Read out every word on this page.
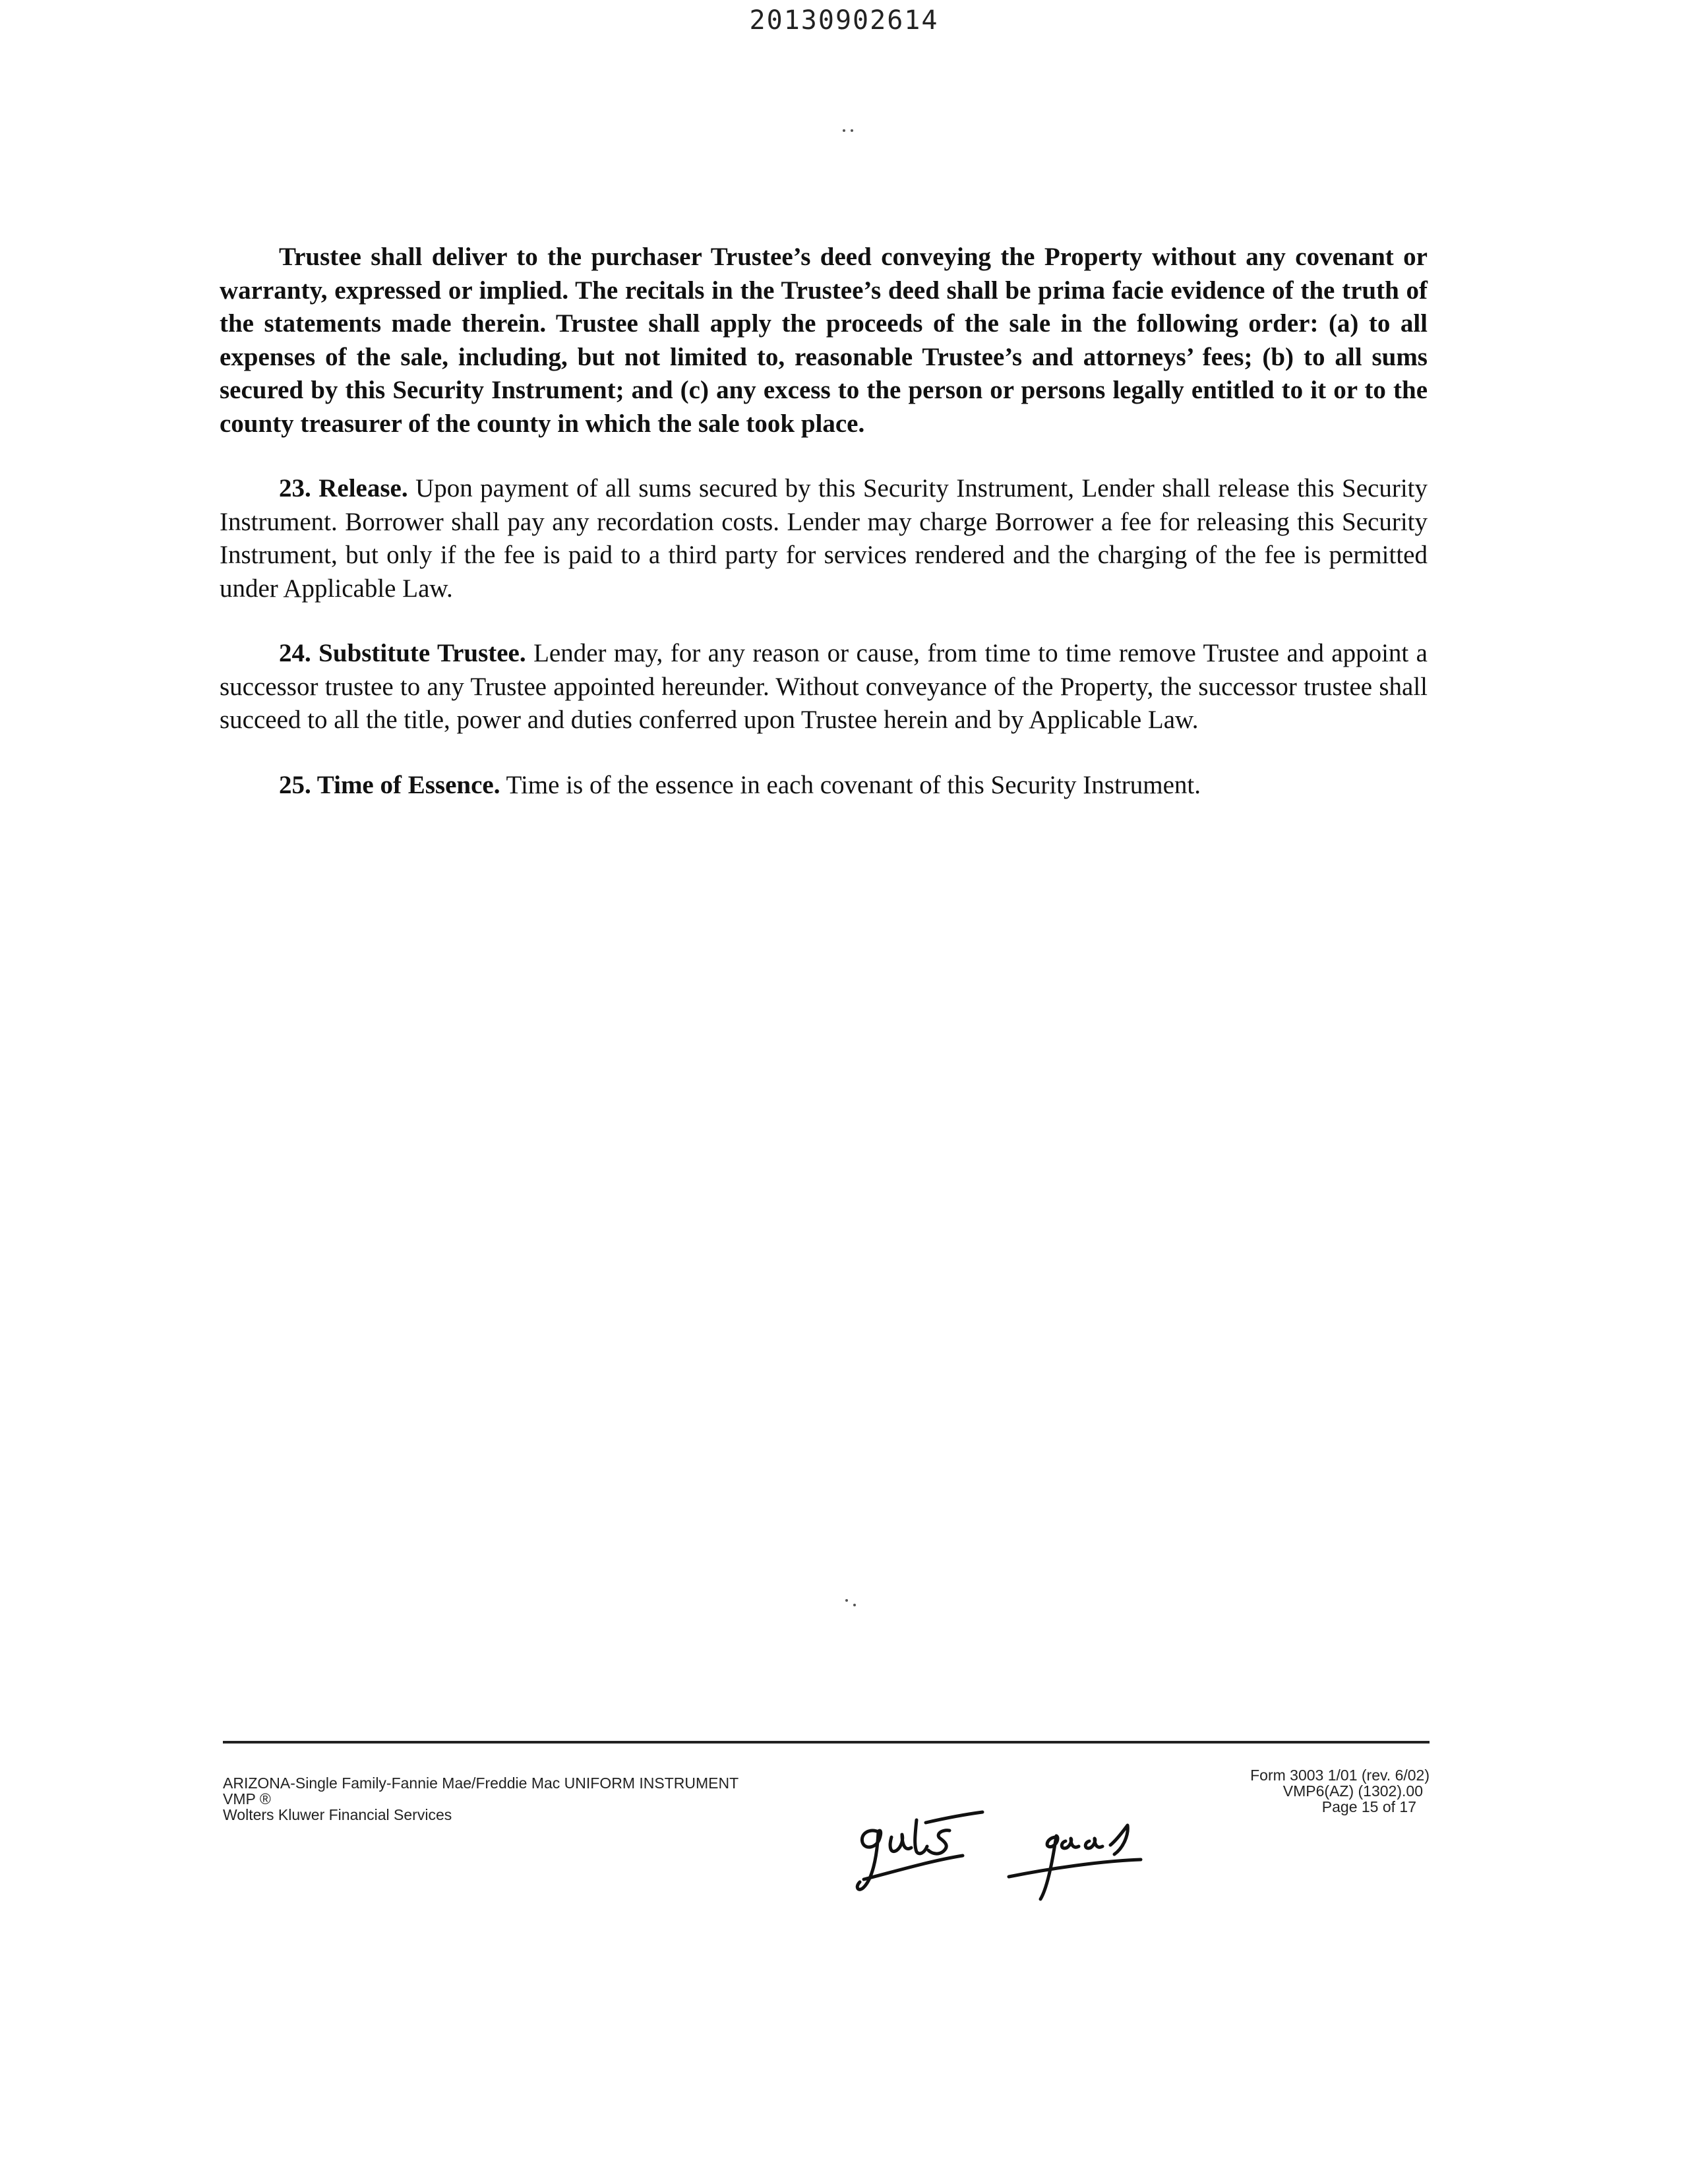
20130902614

Trustee shall deliver to the purchaser Trustee’s deed conveying the Property without any covenant or warranty, expressed or implied. The recitals in the Trustee’s deed shall be prima facie evidence of the truth of the statements made therein. Trustee shall apply the proceeds of the sale in the following order: (a) to all expenses of the sale, including, but not limited to, reasonable Trustee’s and attorneys’ fees; (b) to all sums secured by this Security Instrument; and (c) any excess to the person or persons legally entitled to it or to the county treasurer of the county in which the sale took place.

23. Release. Upon payment of all sums secured by this Security Instrument, Lender shall release this Security Instrument. Borrower shall pay any recordation costs. Lender may charge Borrower a fee for releasing this Security Instrument, but only if the fee is paid to a third party for services rendered and the charging of the fee is permitted under Applicable Law.

24. Substitute Trustee. Lender may, for any reason or cause, from time to time remove Trustee and appoint a successor trustee to any Trustee appointed hereunder. Without conveyance of the Property, the successor trustee shall succeed to all the title, power and duties conferred upon Trustee herein and by Applicable Law.

25. Time of Essence. Time is of the essence in each covenant of this Security Instrument.

ARIZONA-Single Family-Fannie Mae/Freddie Mac UNIFORM INSTRUMENT
VMP ®
Wolters Kluwer Financial Services
Form 3003 1/01 (rev. 6/02)
VMP6(AZ) (1302).00
Page 15 of 17
